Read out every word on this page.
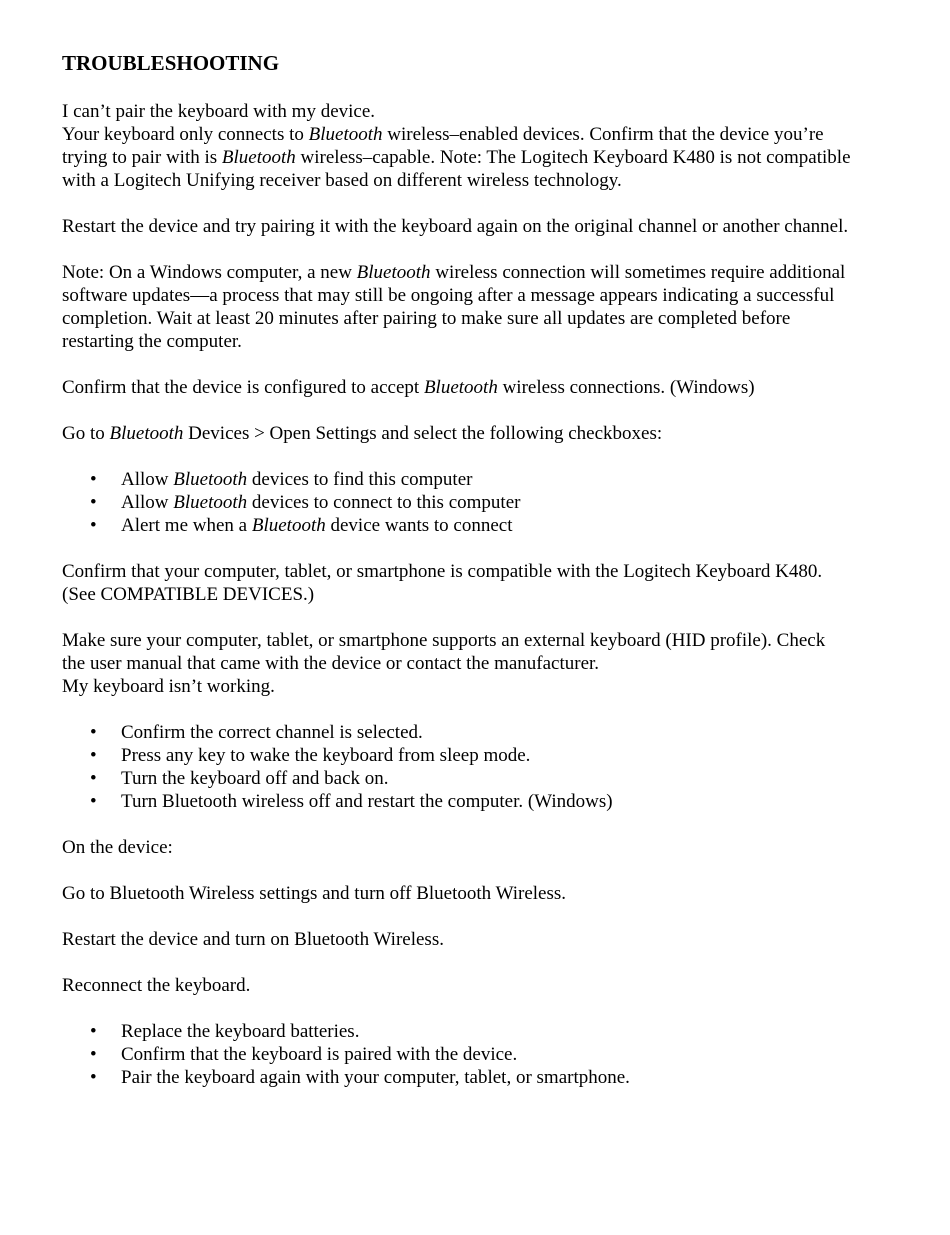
TROUBLESHOOTING

I can’t pair the keyboard with my device.

Your keyboard only connects to Bluetooth wireless–enabled devices. Confirm that the device you’re trying to pair with is Bluetooth wireless–capable. Note: The Logitech Keyboard K480 is not compatible with a Logitech Unifying receiver based on different wireless technology.

Restart the device and try pairing it with the keyboard again on the original channel or another channel.

Note: On a Windows computer, a new Bluetooth wireless connection will sometimes require additional software updates—a process that may still be ongoing after a message appears indicating a successful completion. Wait at least 20 minutes after pairing to make sure all updates are completed before restarting the computer.

Confirm that the device is configured to accept Bluetooth wireless connections. (Windows)

Go to Bluetooth Devices > Open Settings and select the following checkboxes:

• Allow Bluetooth devices to find this computer
• Allow Bluetooth devices to connect to this computer
• Alert me when a Bluetooth device wants to connect

Confirm that your computer, tablet, or smartphone is compatible with the Logitech Keyboard K480. (See COMPATIBLE DEVICES.)

Make sure your computer, tablet, or smartphone supports an external keyboard (HID profile). Check the user manual that came with the device or contact the manufacturer.

My keyboard isn’t working.

• Confirm the correct channel is selected.
• Press any key to wake the keyboard from sleep mode.
• Turn the keyboard off and back on.
• Turn Bluetooth wireless off and restart the computer. (Windows)

On the device:

Go to Bluetooth Wireless settings and turn off Bluetooth Wireless.

Restart the device and turn on Bluetooth Wireless.

Reconnect the keyboard.

• Replace the keyboard batteries.
• Confirm that the keyboard is paired with the device.
• Pair the keyboard again with your computer, tablet, or smartphone.
